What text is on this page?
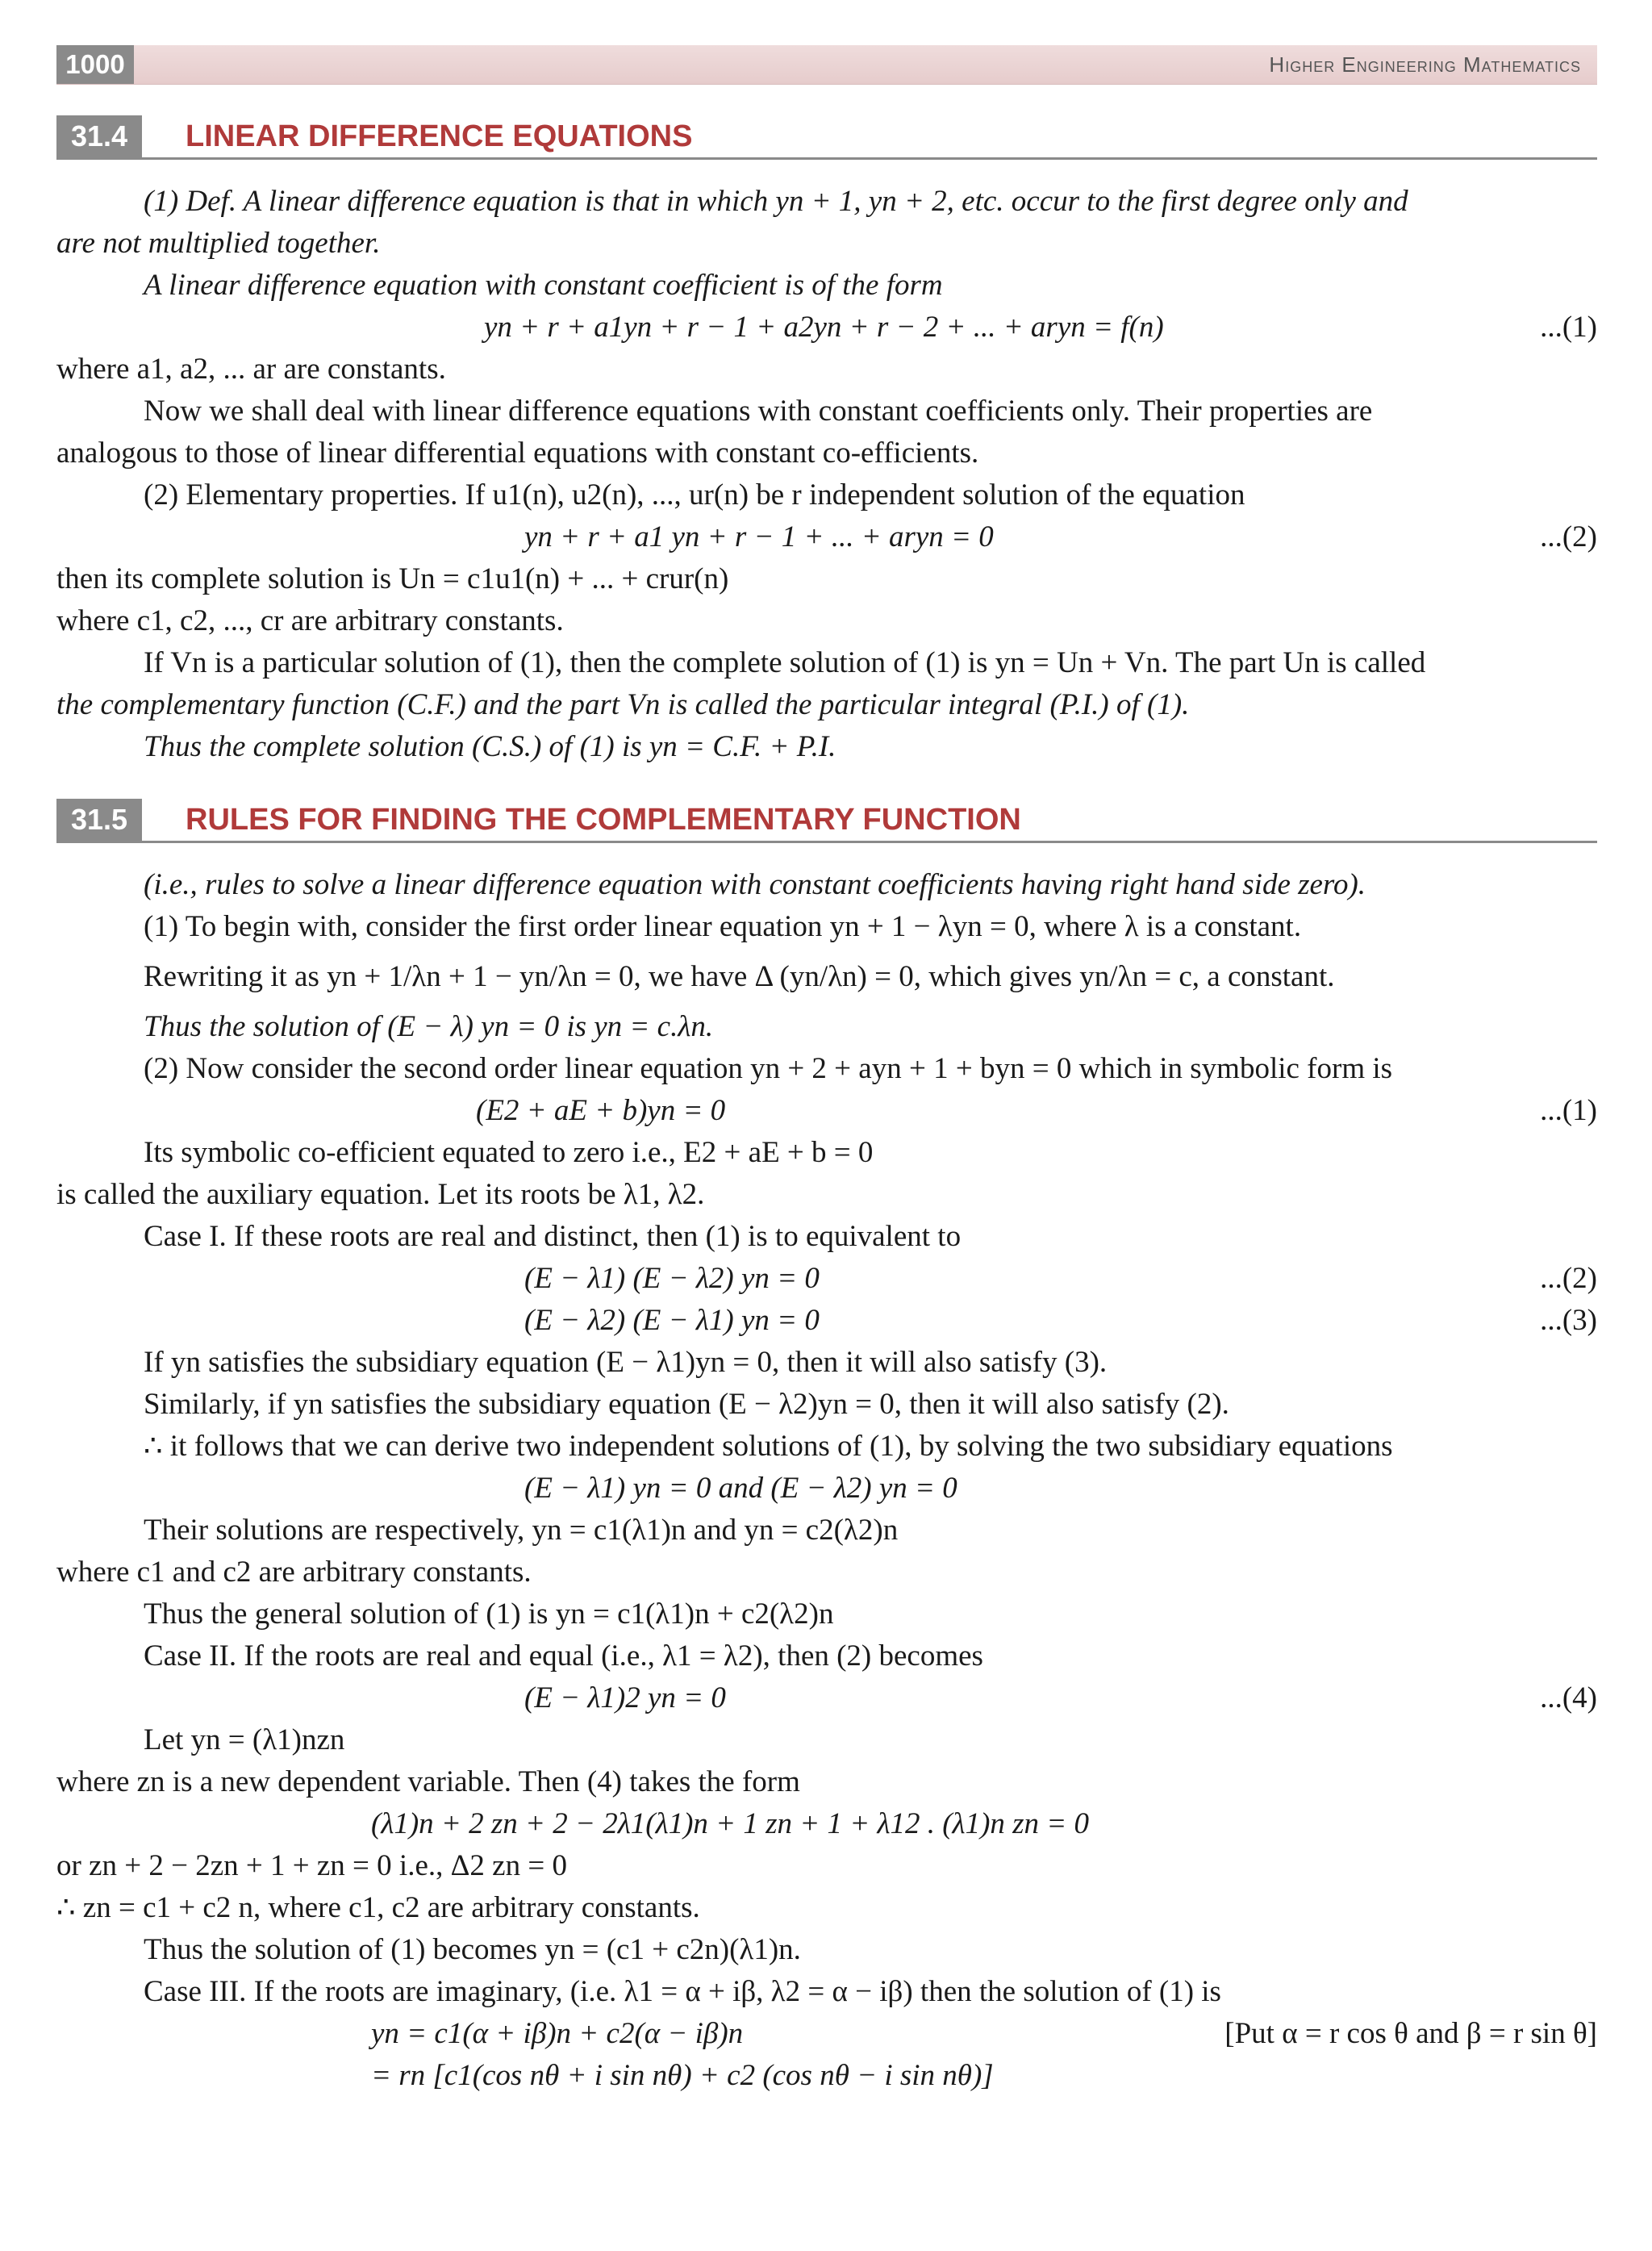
1000	Higher Engineering Mathematics
31.4	LINEAR DIFFERENCE EQUATIONS
(1) Def. A linear difference equation is that in which yn + 1, yn + 2, etc. occur to the first degree only and
are not multiplied together.
A linear difference equation with constant coefficient is of the form
yn + r + a1yn + r − 1 + a2yn + r − 2 + ... + aryn = f(n)	...(1)
where a1, a2, ... ar are constants.
Now we shall deal with linear difference equations with constant coefficients only. Their properties are
analogous to those of linear differential equations with constant co-efficients.
(2) Elementary properties. If u1(n), u2(n), ..., ur(n) be r independent solution of the equation
yn + r + a1 yn + r − 1 + ... + aryn = 0	...(2)
then its complete solution is Un = c1u1(n) + ... + crur(n)
where c1, c2, ..., cr are arbitrary constants.
If Vn is a particular solution of (1), then the complete solution of (1) is yn = Un + Vn. The part Un is called
the complementary function (C.F.) and the part Vn is called the particular integral (P.I.) of (1).
Thus the complete solution (C.S.) of (1) is yn = C.F. + P.I.
31.5	RULES FOR FINDING THE COMPLEMENTARY FUNCTION
(i.e., rules to solve a linear difference equation with constant coefficients having right hand side zero).
(1) To begin with, consider the first order linear equation yn + 1 − λyn = 0, where λ is a constant.
Rewriting it as yn + 1/λn + 1 − yn/λn = 0, we have Δ (yn/λn) = 0, which gives yn/λn = c, a constant.
Thus the solution of (E − λ) yn = 0 is yn = c.λn.
(2) Now consider the second order linear equation yn + 2 + ayn + 1 + byn = 0 which in symbolic form is
(E2 + aE + b)yn = 0	...(1)
Its symbolic co-efficient equated to zero i.e., E2 + aE + b = 0
is called the auxiliary equation. Let its roots be λ1, λ2.
Case I. If these roots are real and distinct, then (1) is to equivalent to
(E − λ1) (E − λ2) yn = 0	...(2)
(E − λ2) (E − λ1) yn = 0	...(3)
If yn satisfies the subsidiary equation (E − λ1)yn = 0, then it will also satisfy (3).
Similarly, if yn satisfies the subsidiary equation (E − λ2)yn = 0, then it will also satisfy (2).
∴ it follows that we can derive two independent solutions of (1), by solving the two subsidiary equations
(E − λ1) yn = 0 and (E − λ2) yn = 0
Their solutions are respectively, yn = c1(λ1)n and yn = c2(λ2)n
where c1 and c2 are arbitrary constants.
Thus the general solution of (1) is yn = c1(λ1)n + c2(λ2)n
Case II. If the roots are real and equal (i.e., λ1 = λ2), then (2) becomes
(E − λ1)2 yn = 0	...(4)
Let yn = (λ1)nzn
where zn is a new dependent variable. Then (4) takes the form
(λ1)n + 2 zn + 2 − 2λ1(λ1)n + 1 zn + 1 + λ12 . (λ1)n zn = 0
or zn + 2 − 2zn + 1 + zn = 0 i.e., Δ2 zn = 0
∴ zn = c1 + c2 n, where c1, c2 are arbitrary constants.
Thus the solution of (1) becomes yn = (c1 + c2n)(λ1)n.
Case III. If the roots are imaginary, (i.e. λ1 = α + iβ, λ2 = α − iβ) then the solution of (1) is
yn = c1(α + iβ)n + c2(α − iβ)n	[Put α = r cos θ and β = r sin θ]
= rn [c1(cos nθ + i sin nθ) + c2 (cos nθ − i sin nθ)]
